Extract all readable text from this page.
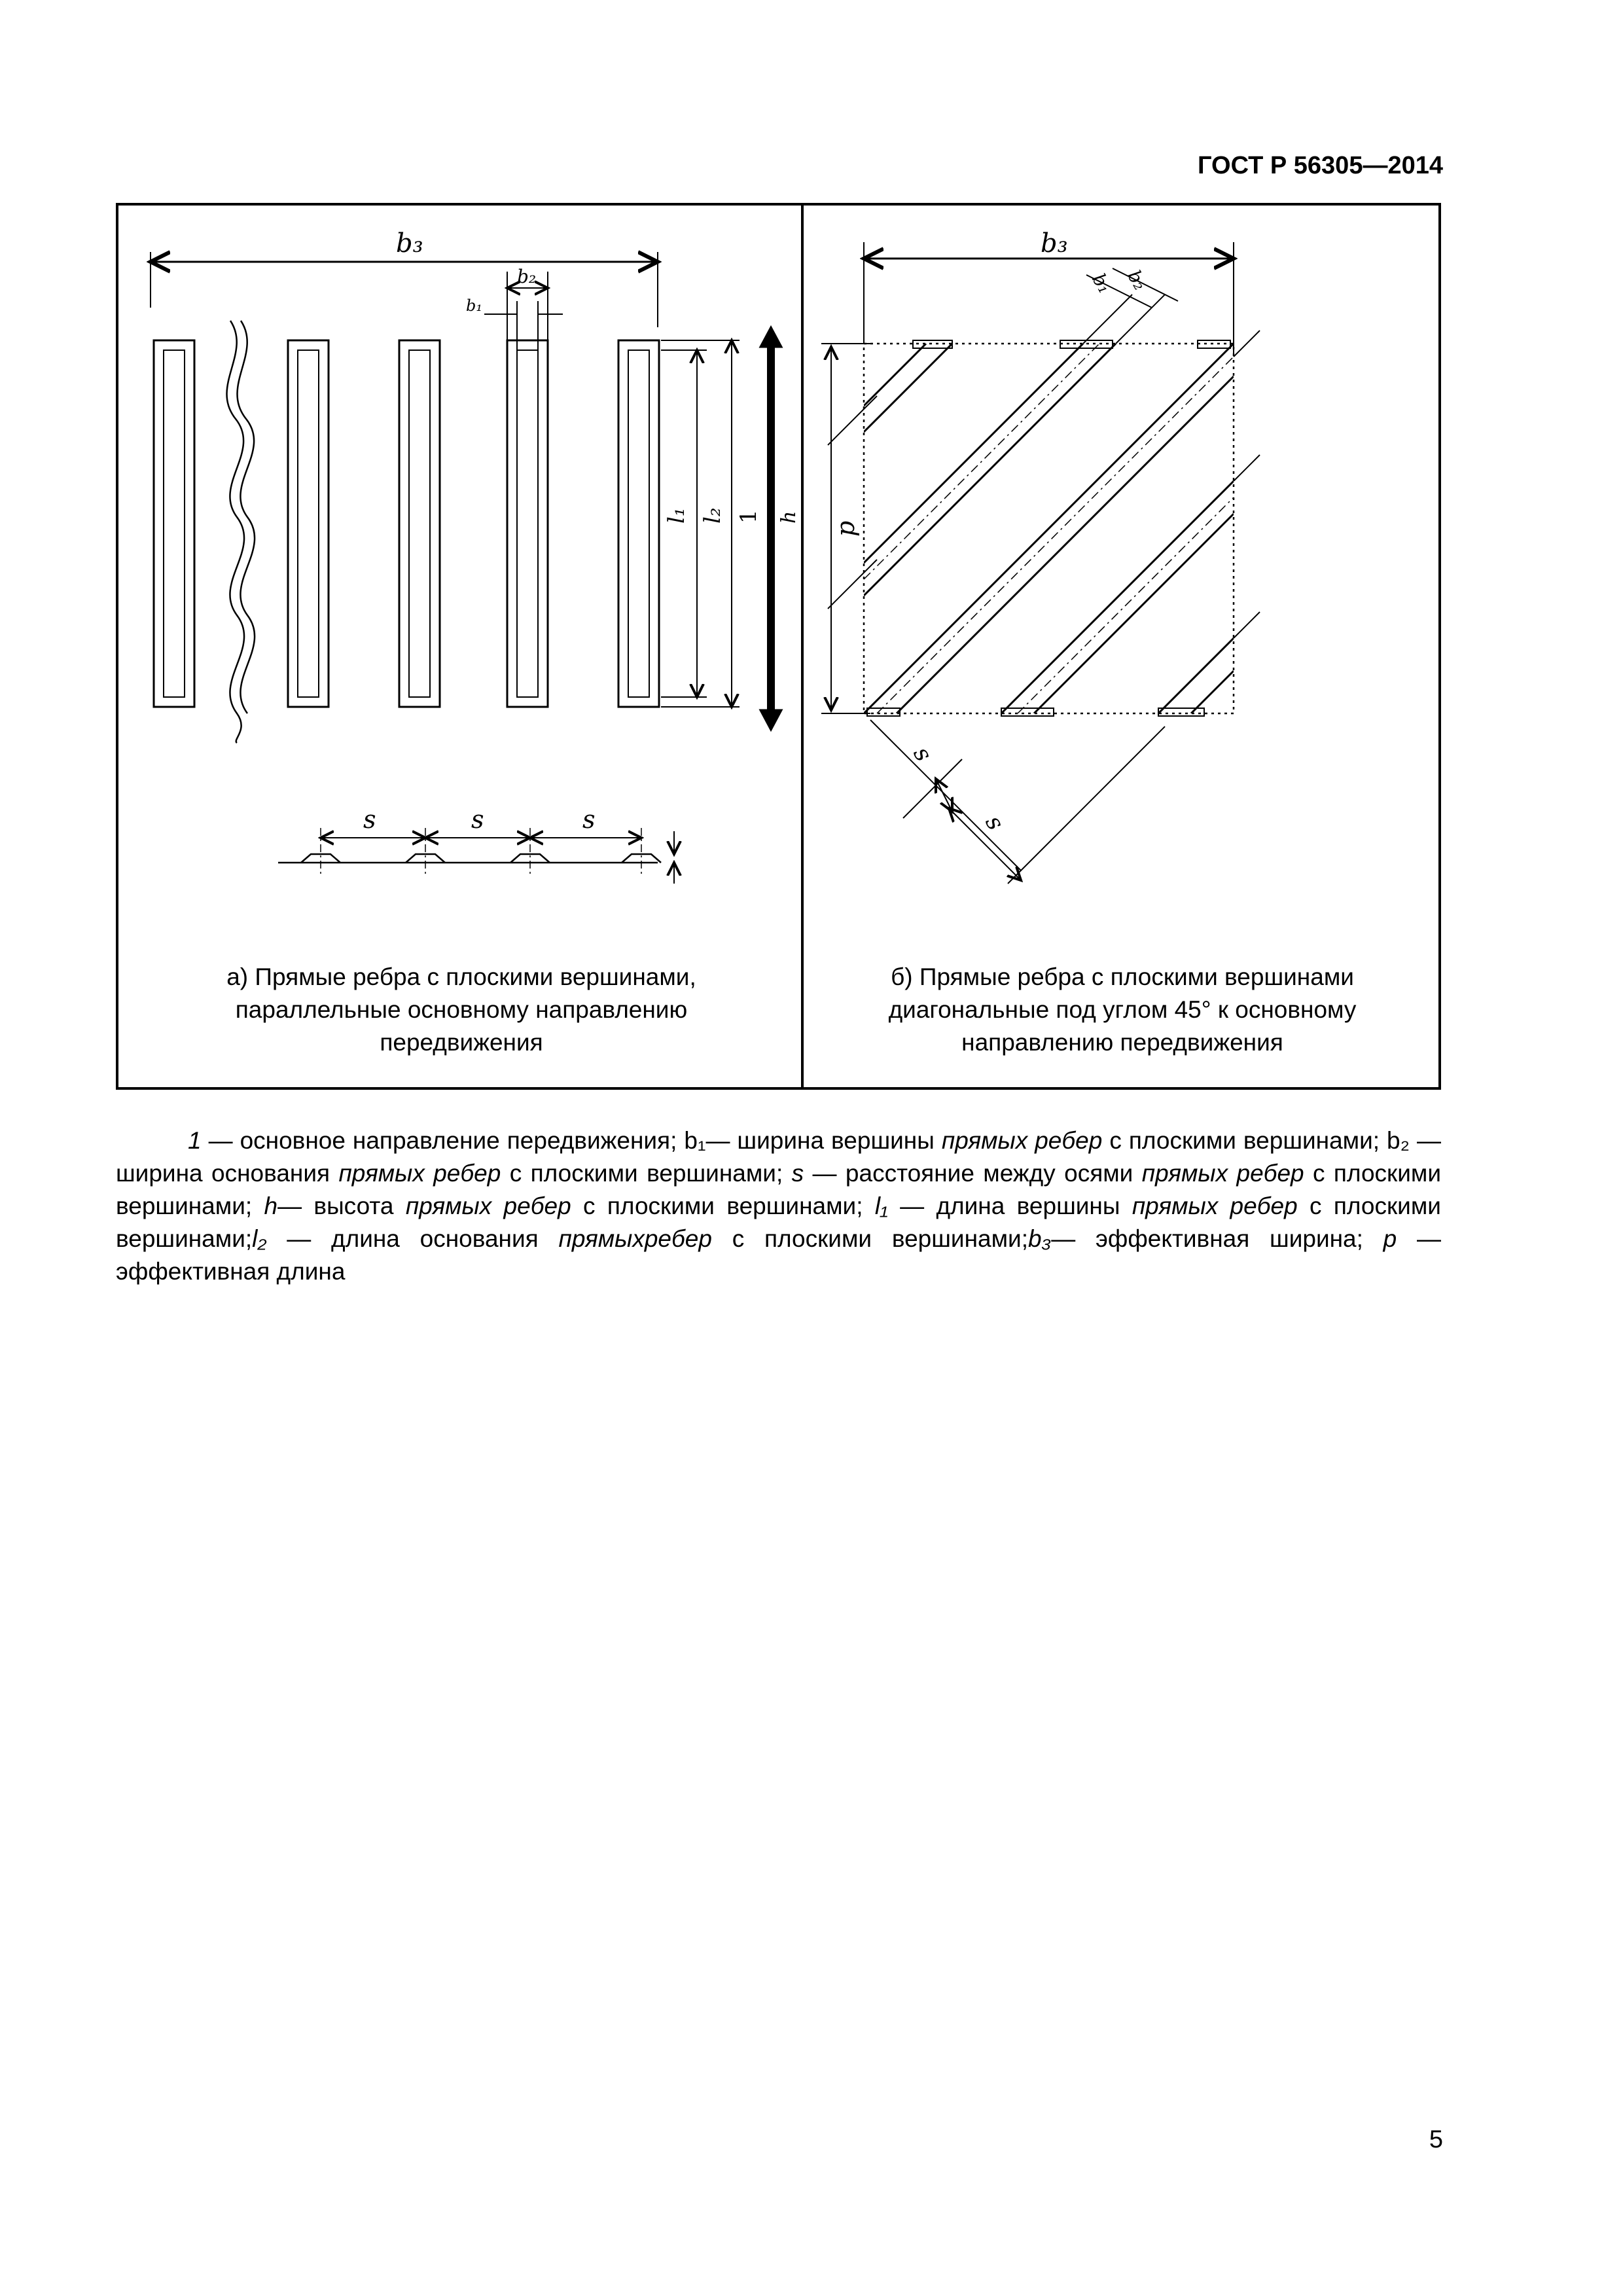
ГОСТ Р 56305—2014
b₃
b₂
b₁
l₁ l₂ 1 h
s	s	s
b₃
b₁ b₂
p
s
s
а) Прямые ребра с плоскими вершинами, параллельные основному направлению передвижения
б) Прямые ребра с плоскими вершинами диагональные под углом 45° к основному направлению передвижения
1 — основное направление передвижения; b₁— ширина вершины прямых ребер с плоскими вершинами; b₂ — ширина основания прямых ребер с плоскими вершинами; s — расстояние между осями прямых ребер с плоскими вершинами; h— высота прямых ребер с плоскими вершинами; l₁ — длина вершины прямых ребер с плоскими вершинами;l₂ — длина основания прямыхребер с плоскими вершинами;b₃— эффективная ширина; p — эффективная длина
5
